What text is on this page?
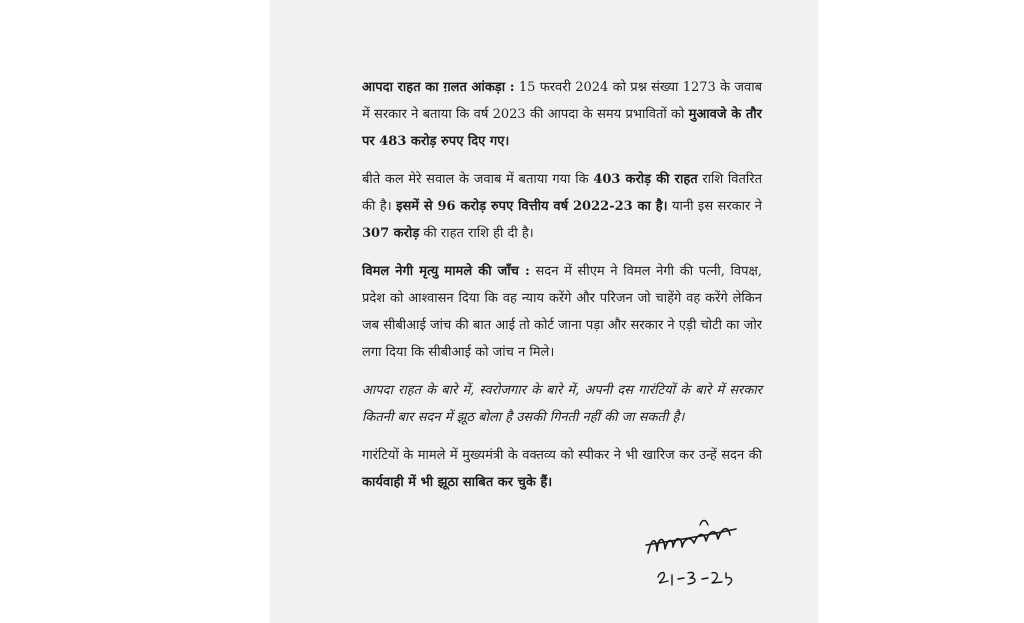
आपदा राहत का ग़लत आंकड़ा : 15 फरवरी 2024 को प्रश्न संख्या 1273 के जवाब में सरकार ने बताया कि वर्ष 2023 की आपदा के समय प्रभावितों को मुआवजे के तौर पर 483 करोड़ रुपए दिए गए।

बीते कल मेरे सवाल के जवाब में बताया गया कि 403 करोड़ की राहत राशि वितरित की है। इसमें से 96 करोड़ रुपए वित्तीय वर्ष 2022-23 का है। यानी इस सरकार ने 307 करोड़ की राहत राशि ही दी है।

विमल नेगी मृत्यु मामले की जाँच : सदन में सीएम ने विमल नेगी की पत्नी, विपक्ष, प्रदेश को आश्वासन दिया कि वह न्याय करेंगे और परिजन जो चाहेंगे वह करेंगे लेकिन जब सीबीआई जांच की बात आई तो कोर्ट जाना पड़ा और सरकार ने एड़ी चोटी का जोर लगा दिया कि सीबीआई को जांच न मिले।

आपदा राहत के बारे में, स्वरोजगार के बारे में, अपनी दस गारंटियों के बारे में सरकार कितनी बार सदन में झूठ बोला है उसकी गिनती नहीं की जा सकती है।

गारंटियों के मामले में मुख्यमंत्री के वक्तव्य को स्पीकर ने भी खारिज कर उन्हें सदन की कार्यवाही में भी झूठा साबित कर चुके हैं।
